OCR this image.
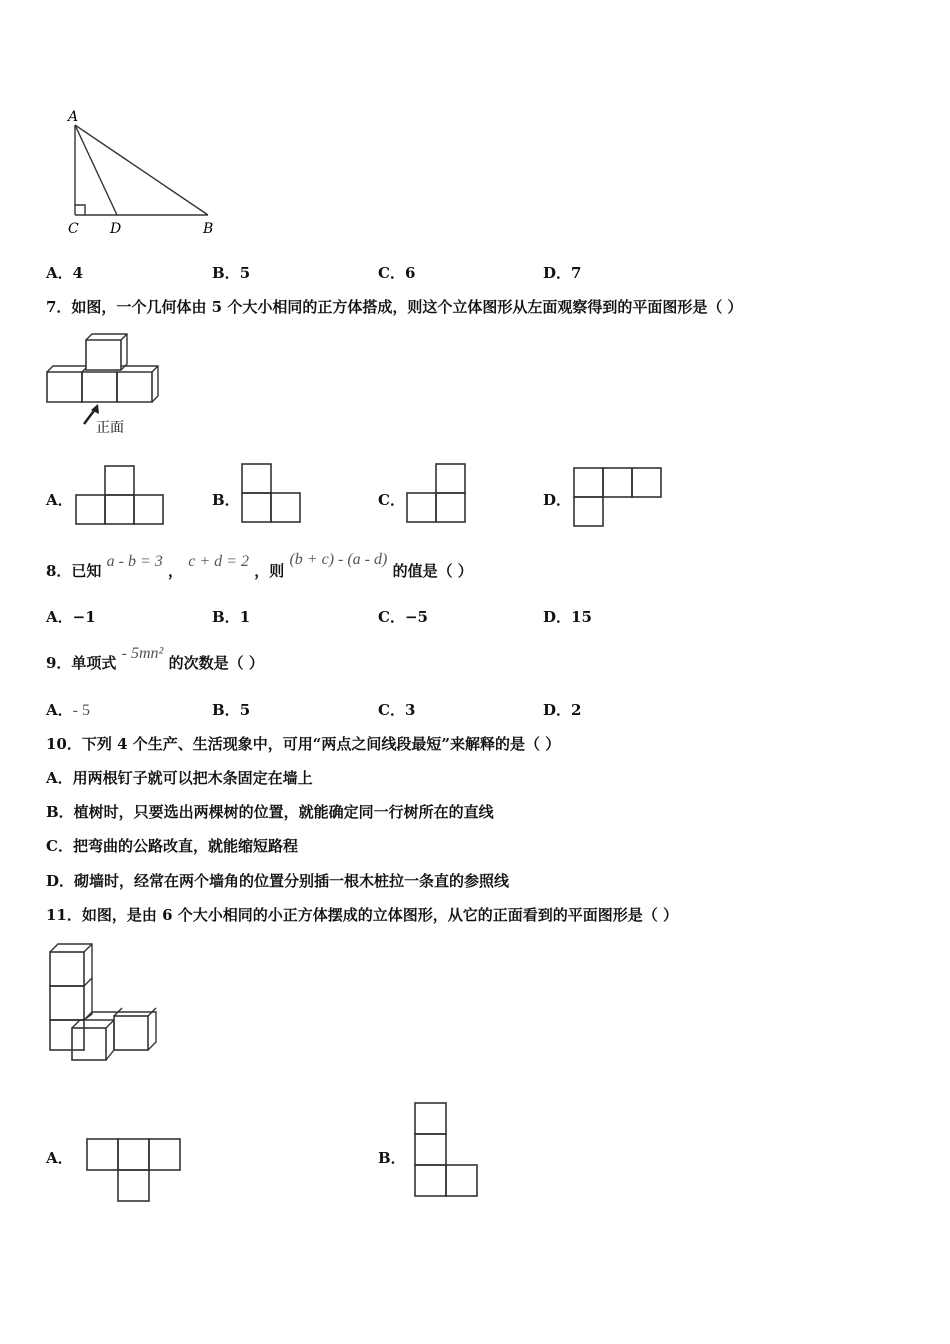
A
C D	B
A．4	B．5	C．6	D．7
7．如图，一个几何体由 5 个大小相同的正方体搭成，则这个立体图形从左面观察得到的平面图形是（ ）
正面
A．	B．	C．	D．
8．已知 a - b = 3 ， c + d = 2 ，则 (b + c) - (a - d) 的值是（ ）
A．−1	B．1	C．−5	D．15
9．单项式 - 5mn² 的次数是（ ）
A．- 5	B．5	C．3	D．2
10．下列 4 个生产、生活现象中，可用“两点之间线段最短”来解释的是（ ）
A．用两根钉子就可以把木条固定在墙上
B．植树时，只要选出两棵树的位置，就能确定同一行树所在的直线
C．把弯曲的公路改直，就能缩短路程
D．砌墙时，经常在两个墙角的位置分别插一根木桩拉一条直的参照线
11．如图，是由 6 个大小相同的小正方体摆成的立体图形，从它的正面看到的平面图形是（ ）
A．	B．
